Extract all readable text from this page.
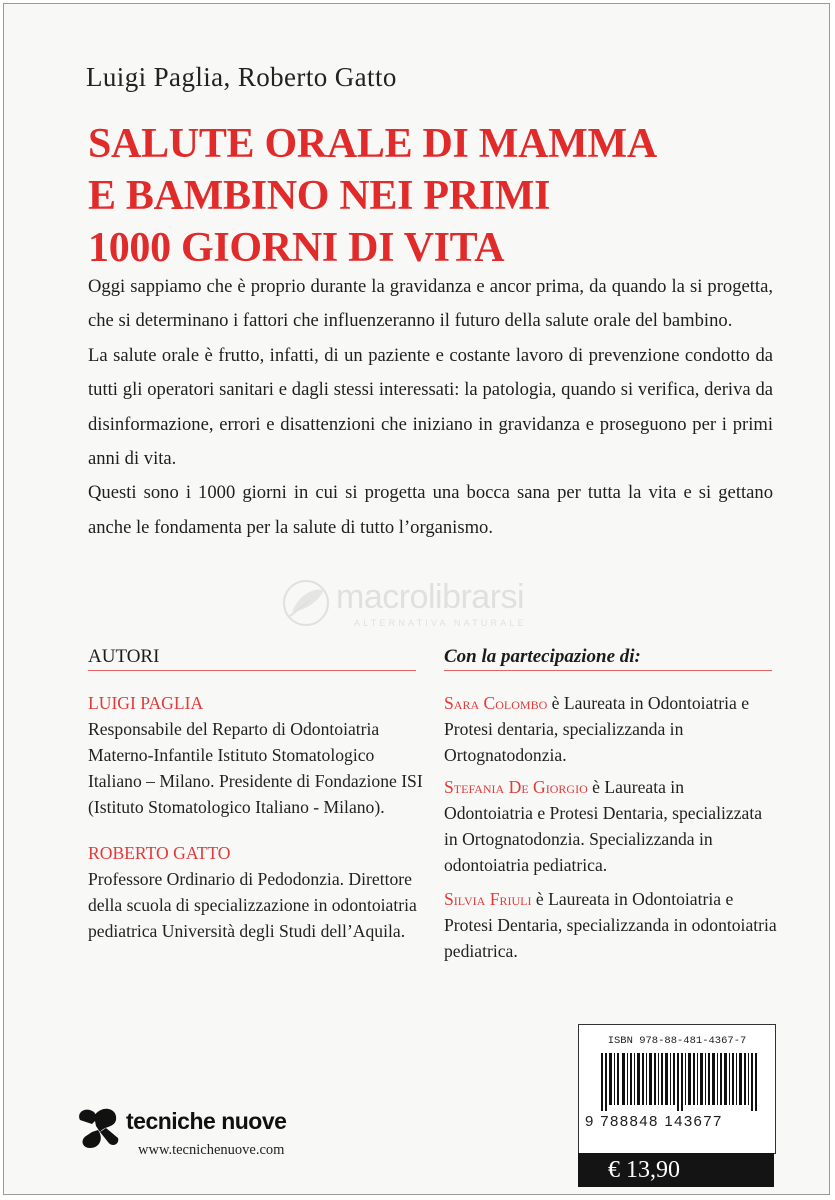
Luigi Paglia, Roberto Gatto
SALUTE ORALE DI MAMMA
E BAMBINO NEI PRIMI
1000 GIORNI DI VITA

Oggi sappiamo che è proprio durante la gravidanza e ancor prima, da quando la si progetta, che si determinano i fattori che influenzeranno il futuro della salute orale del bambino.

La salute orale è frutto, infatti, di un paziente e costante lavoro di prevenzione condotto da tutti gli operatori sanitari e dagli stessi interessati: la patologia, quando si verifica, deriva da disinformazione, errori e disattenzioni che iniziano in gravidanza e proseguono per i primi anni di vita.

Questi sono i 1000 giorni in cui si progetta una bocca sana per tutta la vita e si gettano anche le fondamenta per la salute di tutto l’organismo.

macrolibrarsi
ALTERNATIVA NATURALE
AUTORI
LUIGI PAGLIA
Responsabile del Reparto di Odontoiatria Materno-Infantile Istituto Stomatologico Italiano – Milano. Presidente di Fondazione ISI (Istituto Stomatologico Italiano - Milano).
ROBERTO GATTO
Professore Ordinario di Pedodonzia. Direttore della scuola di specializzazione in odontoiatria pediatrica Università degli Studi dell’Aquila.
Con la partecipazione di:
Sara Colombo è Laureata in Odontoiatria e Protesi dentaria, specializzanda in Ortognatodonzia.
Stefania De Giorgio è Laureata in Odontoiatria e Protesi Dentaria, specializzata in Ortognatodonzia. Specializzanda in odontoiatria pediatrica.
Silvia Friuli è Laureata in Odontoiatria e Protesi Dentaria, specializzanda in odontoiatria pediatrica.
tecniche nuove
www.tecnichenuove.com
ISBN 978-88-481-4367-7
9 788848 143677
€ 13,90
